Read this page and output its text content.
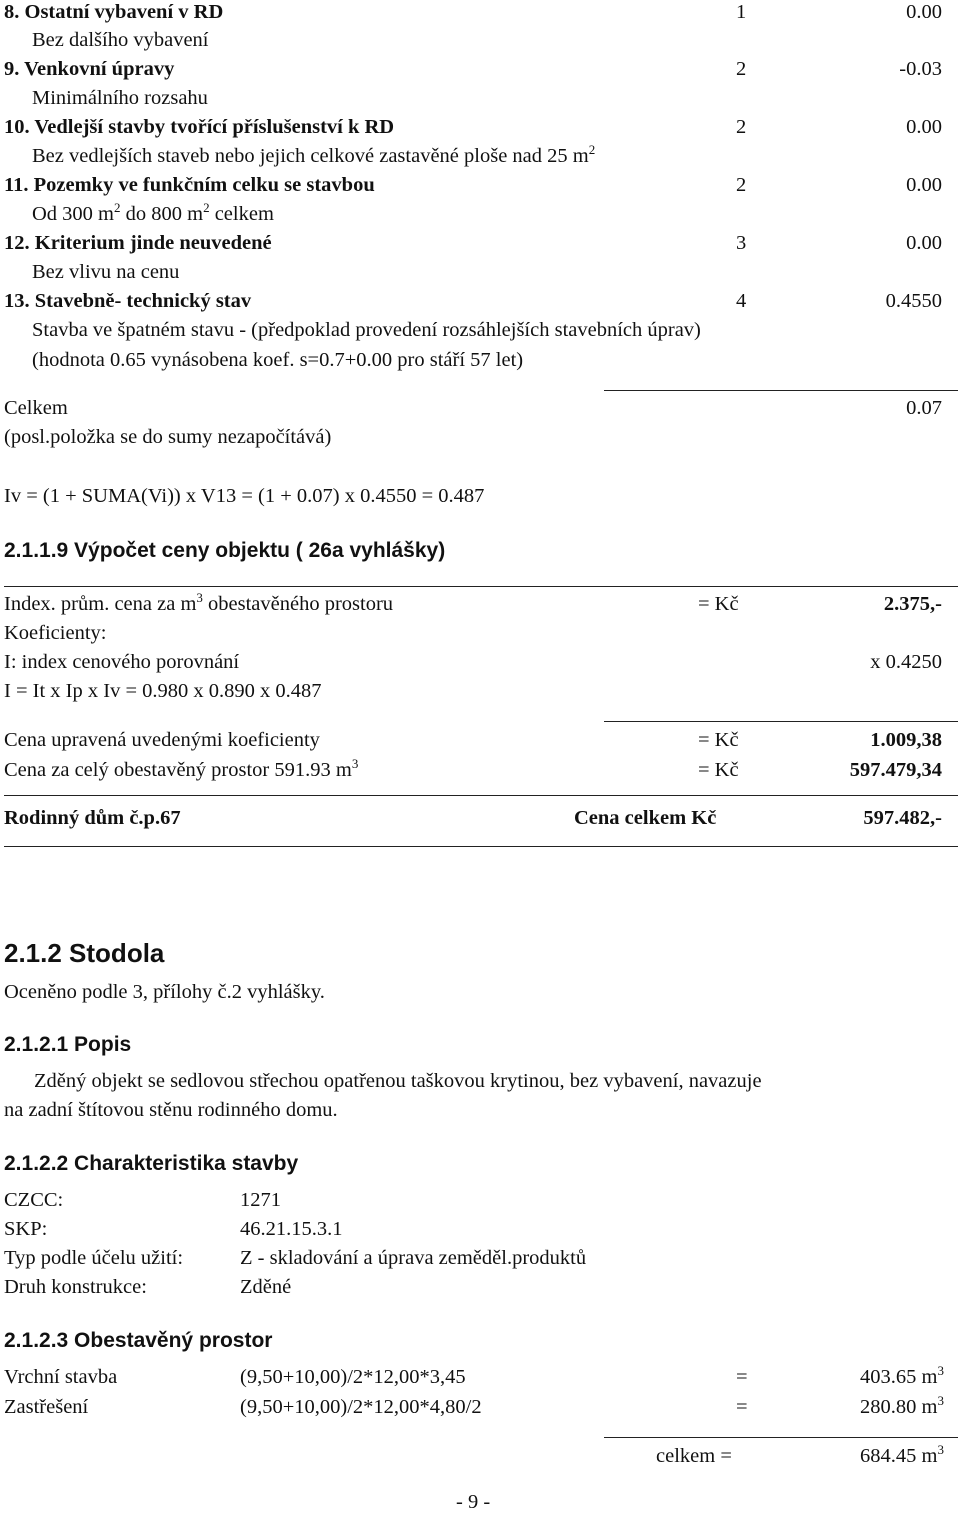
8. Ostatní vybavení v RD	1	0.00
Bez dalšího vybavení
9. Venkovní úpravy	2	-0.03
Minimálního rozsahu
10. Vedlejší stavby tvořící příslušenství k RD	2	0.00
Bez vedlejších staveb nebo jejich celkové zastavěné ploše nad 25 $m^2$
11. Pozemky ve funkčním celku se stavbou	2	0.00
Od 300 $m^2$ do 800 $m^2$ celkem
12. Kriterium jinde neuvedené	3	0.00
Bez vlivu na cenu
13. Stavebně- technický stav	4	0.4550
Stavba ve špatném stavu - (předpoklad provedení rozsáhlejších stavebních úprav)
(hodnota 0.65 vynásobena koef. s=0.7+0.00 pro stáří 57 let)
Celkem	0.07
(posl.položka se do sumy nezapočítává)
Iv = (1 + SUMA(Vi)) x V13 = (1 + 0.07) x 0.4550 = 0.487
2.1.1.9 Výpočet ceny objektu ( 26a vyhlášky)
Index. prům. cena za $m^3$ obestavěného prostoru	= Kč	2.375,-
Koeficienty:
I: index cenového porovnání	x 0.4250
I = It x Ip x Iv = 0.980 x 0.890 x 0.487
Cena upravená uvedenými koeficienty	= Kč	1.009,38
Cena za celý obestavěný prostor 591.93 $m^3$	= Kč	597.479,34
Rodinný dům č.p.67	Cena celkem Kč	597.482,-
2.1.2 Stodola
Oceněno podle 3, přílohy č.2 vyhlášky.
2.1.2.1 Popis
Zděný objekt se sedlovou střechou opatřenou taškovou krytinou, bez vybavení, navazuje
na zadní štítovou stěnu rodinného domu.
2.1.2.2 Charakteristika stavby
CZCC:	1271
SKP:	46.21.15.3.1
Typ podle účelu užití:	Z - skladování a úprava zeměděl.produktů
Druh konstrukce:	Zděné
2.1.2.3 Obestavěný prostor
Vrchní stavba	(9,50+10,00)/2*12,00*3,45	=	403.65 $m^3$
Zastřešení	(9,50+10,00)/2*12,00*4,80/2	=	280.80 $m^3$
celkem =	684.45 $m^3$
- 9 -
